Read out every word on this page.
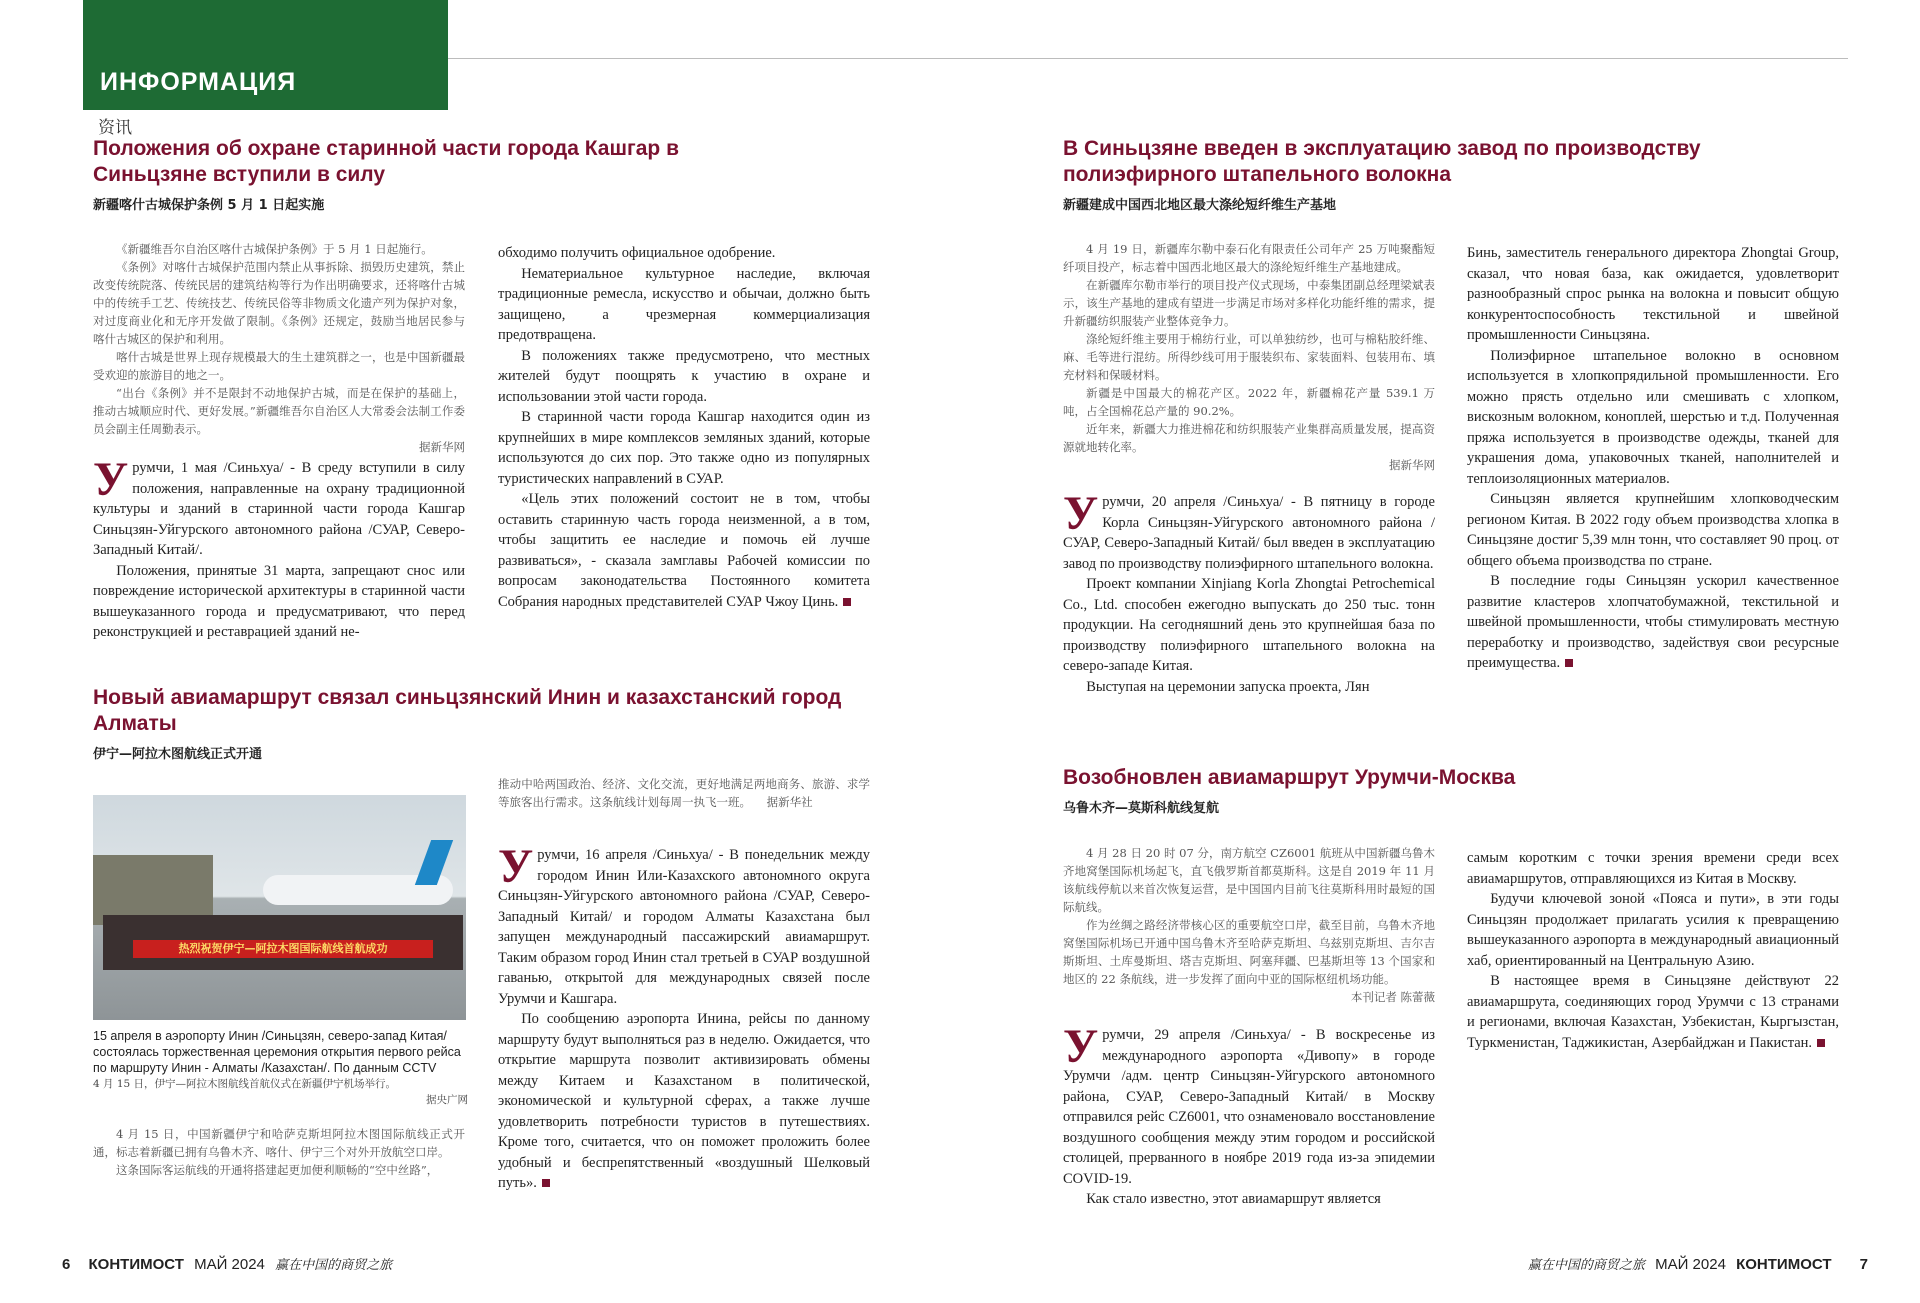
ИНФОРМАЦИЯ
资讯
Положения об охране старинной части города Кашгар в Синьцзяне вступили в силу
新疆喀什古城保护条例 5 月 1 日起实施

《新疆维吾尔自治区喀什古城保护条例》于 5 月 1 日起施行。

《条例》对喀什古城保护范围内禁止从事拆除、损毁历史建筑，禁止改变传统院落、传统民居的建筑结构等行为作出明确要求，还将喀什古城中的传统手工艺、传统技艺、传统民俗等非物质文化遗产列为保护对象，对过度商业化和无序开发做了限制。《条例》还规定，鼓励当地居民参与喀什古城区的保护和利用。

喀什古城是世界上现存规模最大的生土建筑群之一，也是中国新疆最受欢迎的旅游目的地之一。

“出台《条例》并不是限封不动地保护古城，而是在保护的基础上，推动古城顺应时代、更好发展。”新疆维吾尔自治区人大常委会法制工作委员会副主任周勤表示。

据新华网

Урумчи, 1 мая /Синьхуа/ - В среду вступили в силу положения, направленные на охрану традиционной культуры и зданий в старинной части города Кашгар Синьцзян-Уйгурского автономного района /СУАР, Северо-Западный Китай/.

Положения, принятые 31 марта, запрещают снос или повреждение исторической архитектуры в старинной части вышеуказанного города и предусматривают, что перед реконструкцией и реставрацией зданий не-

обходимо получить официальное одобрение.

Нематериальное культурное наследие, включая традиционные ремесла, искусство и обычаи, должно быть защищено, а чрезмерная коммерциализация предотвращена.

В положениях также предусмотрено, что местных жителей будут поощрять к участию в охране и использовании этой части города.

В старинной части города Кашгар находится один из крупнейших в мире комплексов земляных зданий, которые используются до сих пор. Это также одно из популярных туристических направлений в СУАР.

«Цель этих положений состоит не в том, чтобы оставить старинную часть города неизменной, а в том, чтобы защитить ее наследие и помочь ей лучше развиваться», - сказала замглавы Рабочей комиссии по вопросам законодательства Постоянного комитета Собрания народных представителей СУАР Чжоу Цинь.

Новый авиамаршрут связал синьцзянский Инин и казахстанский город Алматы
伊宁—阿拉木图航线正式开通
热烈祝贺伊宁—阿拉木图国际航线首航成功
15 апреля в аэропорту Инин /Синьцзян, северо-запад Китая/ состоялась торжественная церемония открытия первого рейса по маршруту Инин - Алматы /Казахстан/. По данным CCTV
4 月 15 日，伊宁—阿拉木图航线首航仪式在新疆伊宁机场举行。
据央广网

4 月 15 日，中国新疆伊宁和哈萨克斯坦阿拉木图国际航线正式开通，标志着新疆已拥有乌鲁木齐、喀什、伊宁三个对外开放航空口岸。

这条国际客运航线的开通将搭建起更加便利顺畅的“空中丝路”，

推动中哈两国政治、经济、文化交流，更好地满足两地商务、旅游、求学等旅客出行需求。这条航线计划每周一执飞一班。 据新华社

Урумчи, 16 апреля /Синьхуа/ - В понедельник между городом Инин Или-Казахского автономного округа Синьцзян-Уйгурского автономного района /СУАР, Северо-Западный Китай/ и городом Алматы Казахстана был запущен международный пассажирский авиамаршрут. Таким образом город Инин стал третьей в СУАР воздушной гаванью, открытой для международных связей после Урумчи и Кашгара.

По сообщению аэропорта Инина, рейсы по данному маршруту будут выполняться раз в неделю. Ожидается, что открытие маршрута позволит активизировать обмены между Китаем и Казахстаном в политической, экономической и культурной сферах, а также лучше удовлетворить потребности туристов в путешествиях. Кроме того, считается, что он поможет проложить более удобный и беспрепятственный «воздушный Шелковый путь».

В Синьцзяне введен в эксплуатацию завод по производству полиэфирного штапельного волокна
新疆建成中国西北地区最大涤纶短纤维生产基地

4 月 19 日，新疆库尔勒中泰石化有限责任公司年产 25 万吨聚酯短纤项目投产，标志着中国西北地区最大的涤纶短纤维生产基地建成。

在新疆库尔勒市举行的项目投产仪式现场，中泰集团副总经理梁斌表示，该生产基地的建成有望进一步满足市场对多样化功能纤维的需求，提升新疆纺织服装产业整体竞争力。

涤纶短纤维主要用于棉纺行业，可以单独纺纱，也可与棉粘胶纤维、麻、毛等进行混纺。所得纱线可用于服装织布、家装面料、包装用布、填充材料和保暖材料。

新疆是中国最大的棉花产区。2022 年，新疆棉花产量 539.1 万吨，占全国棉花总产量的 90.2%。

近年来，新疆大力推进棉花和纺织服装产业集群高质量发展，提高资源就地转化率。

据新华网

Урумчи, 20 апреля /Синьхуа/ - В пятницу в городе Корла Синьцзян-Уйгурского автономного района /СУАР, Северо-Западный Китай/ был введен в эксплуатацию завод по производству полиэфирного штапельного волокна.

Проект компании Xinjiang Korla Zhongtai Petrochemical Co., Ltd. способен ежегодно выпускать до 250 тыс. тонн продукции. На сегодняшний день это крупнейшая база по производству полиэфирного штапельного волокна на северо-западе Китая.

Выступая на церемонии запуска проекта, Лян

Бинь, заместитель генерального директора Zhongtai Group, сказал, что новая база, как ожидается, удовлетворит разнообразный спрос рынка на волокна и повысит общую конкурентоспособность текстильной и швейной промышленности Синьцзяна.

Полиэфирное штапельное волокно в основном используется в хлопкопрядильной промышленности. Его можно прясть отдельно или смешивать с хлопком, вискозным волокном, коноплей, шерстью и т.д. Полученная пряжа используется в производстве одежды, тканей для украшения дома, упаковочных тканей, наполнителей и теплоизоляционных материалов.

Синьцзян является крупнейшим хлопководческим регионом Китая. В 2022 году объем производства хлопка в Синьцзяне достиг 5,39 млн тонн, что составляет 90 проц. от общего объема производства по стране.

В последние годы Синьцзян ускорил качественное развитие кластеров хлопчатобумажной, текстильной и швейной промышленности, чтобы стимулировать местную переработку и производство, задействуя свои ресурсные преимущества.

Возобновлен авиамаршрут Урумчи-Москва
乌鲁木齐—莫斯科航线复航

4 月 28 日 20 时 07 分，南方航空 CZ6001 航班从中国新疆乌鲁木齐地窝堡国际机场起飞，直飞俄罗斯首都莫斯科。这是自 2019 年 11 月该航线停航以来首次恢复运营，是中国国内目前飞往莫斯科用时最短的国际航线。

作为丝绸之路经济带核心区的重要航空口岸，截至目前，乌鲁木齐地窝堡国际机场已开通中国乌鲁木齐至哈萨克斯坦、乌兹别克斯坦、吉尔吉斯斯坦、土库曼斯坦、塔吉克斯坦、阿塞拜疆、巴基斯坦等 13 个国家和地区的 22 条航线，进一步发挥了面向中亚的国际枢纽机场功能。

本刊记者 陈蕾薇

Урумчи, 29 апреля /Синьхуа/ - В воскресенье из международного аэропорта «Дивопу» в городе Урумчи /адм. центр Синьцзян-Уйгурского автономного района, СУАР, Северо-Западный Китай/ в Москву отправился рейс CZ6001, что ознаменовало восстановление воздушного сообщения между этим городом и российской столицей, прерванного в ноябре 2019 года из-за эпидемии COVID-19.

Как стало известно, этот авиамаршрут является

самым коротким с точки зрения времени среди всех авиамаршрутов, отправляющихся из Китая в Москву.

Будучи ключевой зоной «Пояса и пути», в эти годы Синьцзян продолжает прилагать усилия к превращению вышеуказанного аэропорта в международный авиационный хаб, ориентированный на Центральную Азию.

В настоящее время в Синьцзяне действуют 22 авиамаршрута, соединяющих город Урумчи с 13 странами и регионами, включая Казахстан, Узбекистан, Кыргызстан, Туркменистан, Таджикистан, Азербайджан и Пакистан.

6 КОНТИМОСТ МАЙ 2024 赢在中国的商贸之旅	赢在中国的商贸之旅 МАЙ 2024 КОНТИМОСТ 7
